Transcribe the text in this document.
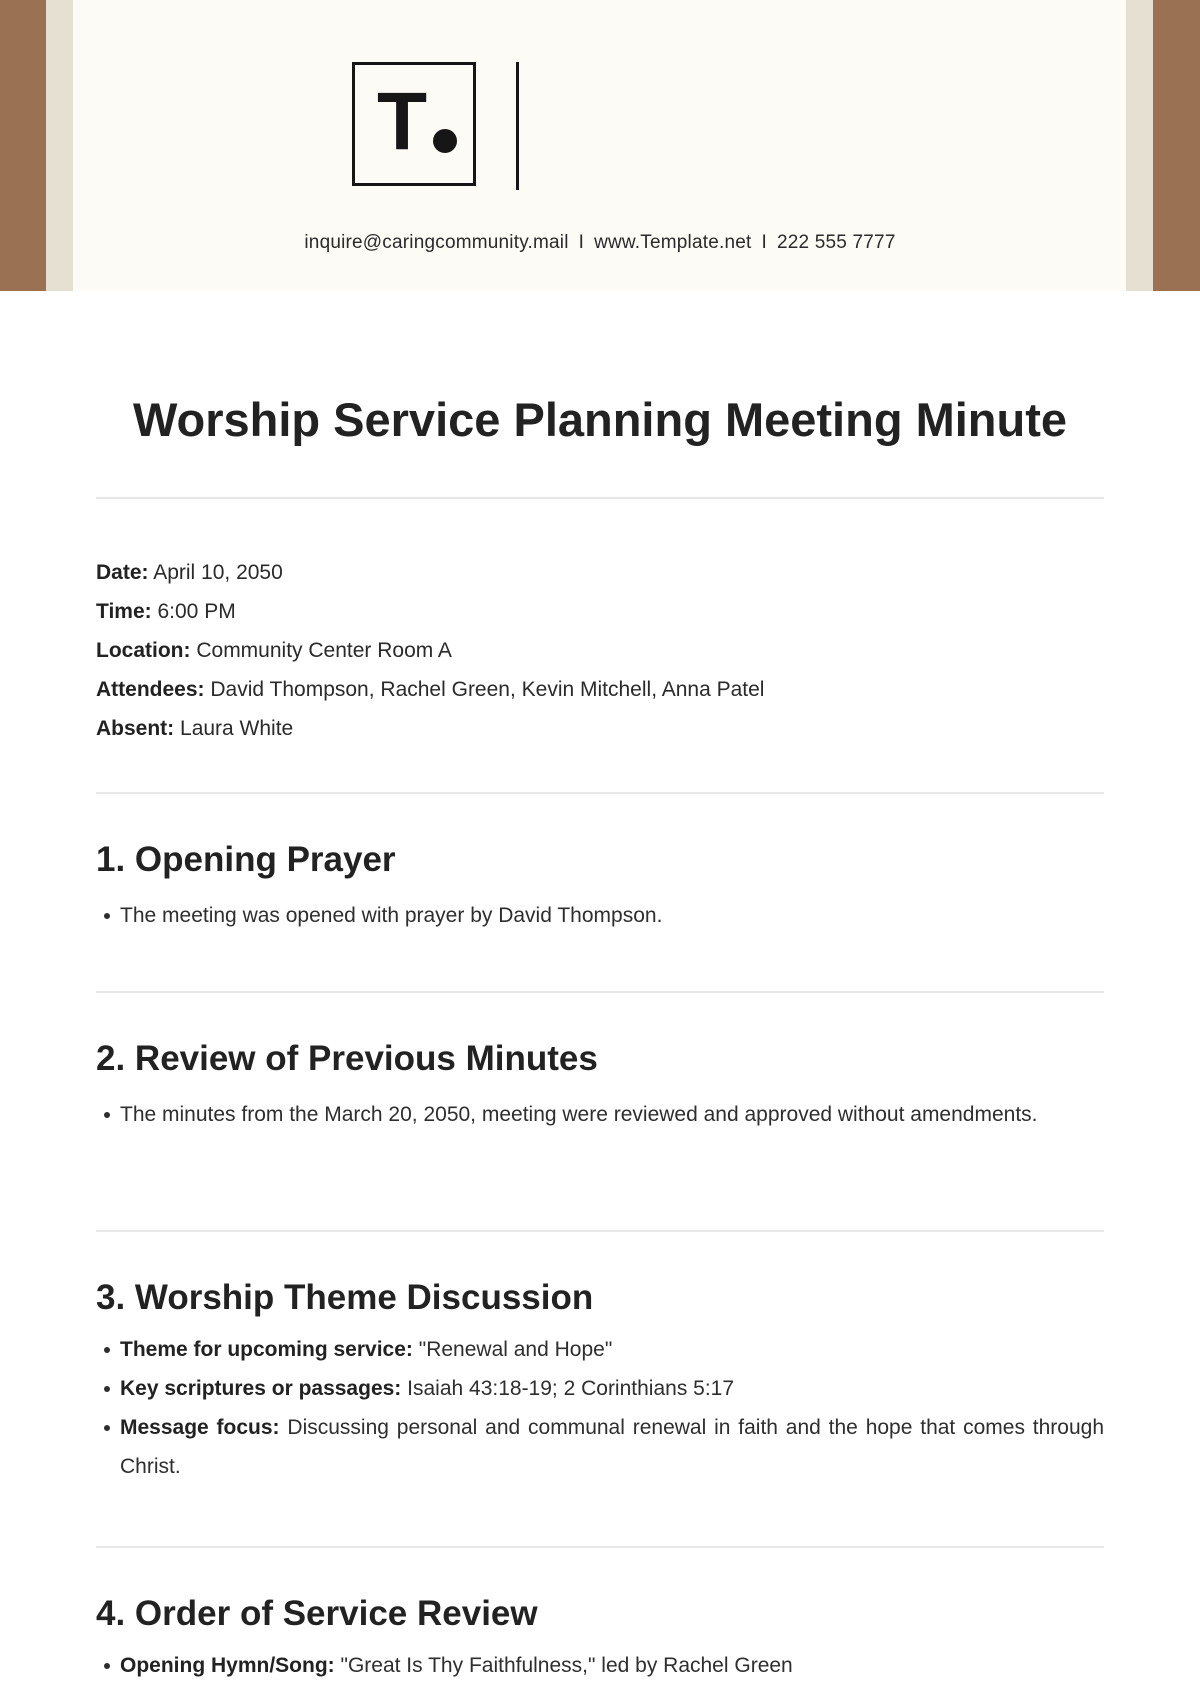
T
inquire@caringcommunity.mail I www.Template.net I 222 555 7777
Worship Service Planning Meeting Minute
Date: April 10, 2050
Time: 6:00 PM
Location: Community Center Room A
Attendees: David Thompson, Rachel Green, Kevin Mitchell, Anna Patel
Absent: Laura White
1. Opening Prayer
The meeting was opened with prayer by David Thompson.
2. Review of Previous Minutes
The minutes from the March 20, 2050, meeting were reviewed and approved without amendments.
3. Worship Theme Discussion
Theme for upcoming service: "Renewal and Hope"
Key scriptures or passages: Isaiah 43:18-19; 2 Corinthians 5:17
Message focus: Discussing personal and communal renewal in faith and the hope that comes through Christ.
4. Order of Service Review
Opening Hymn/Song: "Great Is Thy Faithfulness," led by Rachel Green
